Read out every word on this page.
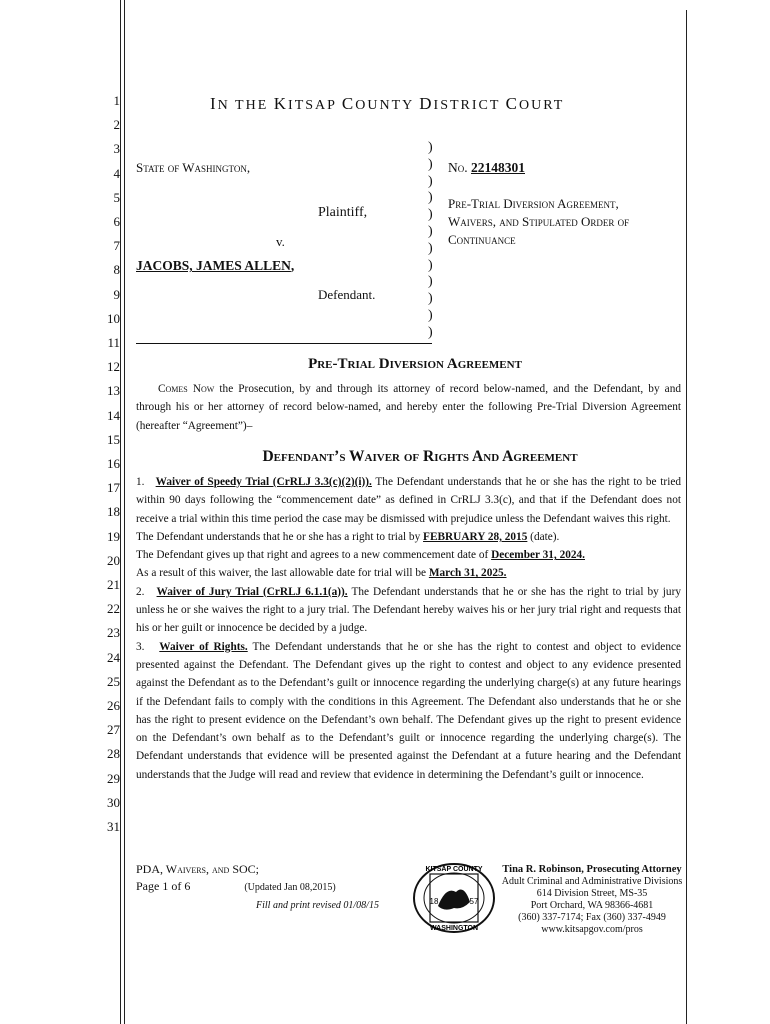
1
2
3
4
5
6
7
8
9
10
11
12
13
14
15
16
17
18
19
20
21
22
23
24
25
26
27
28
29
30
31
IN THE KITSAP COUNTY DISTRICT COURT
State of Washington,
Plaintiff,
v.
JACOBS, JAMES ALLEN,
Defendant.
)
)
)
)
)
)
)
)
)
)
)
)
No. 22148301
Pre-Trial Diversion Agreement,
Waivers, and Stipulated Order of
Continuance
Pre-Trial Diversion Agreement

Comes Now the Prosecution, by and through its attorney of record below-named, and the Defendant, by and through his or her attorney of record below-named, and hereby enter the following Pre-Trial Diversion Agreement (hereafter “Agreement”)–

Defendant’s Waiver of Rights And Agreement

1. Waiver of Speedy Trial (CrRLJ 3.3(c)(2)(i)). The Defendant understands that he or she has the right to be tried within 90 days following the “commencement date” as defined in CrRLJ 3.3(c), and that if the Defendant does not receive a trial within this time period the case may be dismissed with prejudice unless the Defendant waives this right.

The Defendant understands that he or she has a right to trial by FEBRUARY 28, 2015 (date).

The Defendant gives up that right and agrees to a new commencement date of December 31, 2024.

As a result of this waiver, the last allowable date for trial will be March 31, 2025.

2. Waiver of Jury Trial (CrRLJ 6.1.1(a)). The Defendant understands that he or she has the right to trial by jury unless he or she waives the right to a jury trial. The Defendant hereby waives his or her jury trial right and requests that his or her guilt or innocence be decided by a judge.

3. Waiver of Rights. The Defendant understands that he or she has the right to contest and object to evidence presented against the Defendant. The Defendant gives up the right to contest and object to any evidence presented against the Defendant as to the Defendant’s guilt or innocence regarding the underlying charge(s) at any future hearings if the Defendant fails to comply with the conditions in this Agreement. The Defendant also understands that he or she has the right to present evidence on the Defendant’s own behalf. The Defendant gives up the right to present evidence on the Defendant’s own behalf as to the Defendant’s guilt or innocence regarding the underlying charge(s). The Defendant understands that evidence will be presented against the Defendant at a future hearing and the Defendant understands that the Judge will read and review that evidence in determining the Defendant’s guilt or innocence.

PDA, Waivers, and SOC;
Page 1 of 6	(Updated Jan 08,2015)
Fill and print revised 01/08/15
KITSAP COUNTY
WASHINGTON
18	57
Tina R. Robinson, Prosecuting Attorney
Adult Criminal and Administrative Divisions
614 Division Street, MS-35
Port Orchard, WA 98366-4681
(360) 337-7174; Fax (360) 337-4949
www.kitsapgov.com/pros
